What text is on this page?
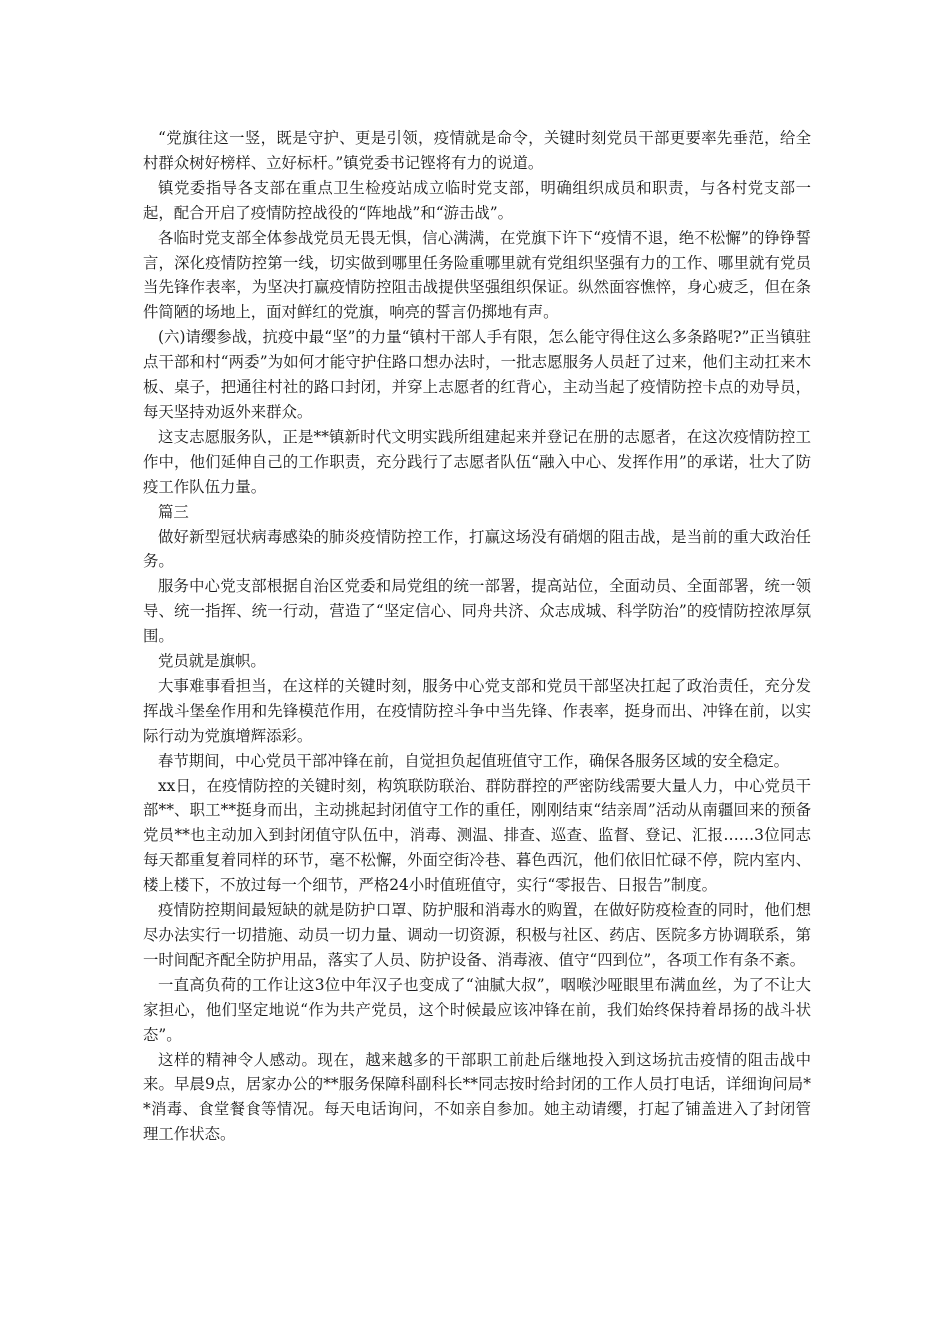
“党旗往这一竖，既是守护、更是引领，疫情就是命令，关键时刻党员干部更要率先垂范，给全村群众树好榜样、立好标杆。”镇党委书记铿将有力的说道。

镇党委指导各支部在重点卫生检疫站成立临时党支部，明确组织成员和职责，与各村党支部一起，配合开启了疫情防控战役的“阵地战”和“游击战”。

各临时党支部全体参战党员无畏无惧，信心满满，在党旗下许下“疫情不退，绝不松懈”的铮铮誓言，深化疫情防控第一线，切实做到哪里任务险重哪里就有党组织坚强有力的工作、哪里就有党员当先锋作表率，为坚决打赢疫情防控阻击战提供坚强组织保证。纵然面容憔悴，身心疲乏，但在条件简陋的场地上，面对鲜红的党旗，响亮的誓言仍掷地有声。

(六)请缨参战，抗疫中最“坚”的力量“镇村干部人手有限，怎么能守得住这么多条路呢?”正当镇驻点干部和村“两委”为如何才能守护住路口想办法时，一批志愿服务人员赶了过来，他们主动扛来木板、桌子，把通往村社的路口封闭，并穿上志愿者的红背心，主动当起了疫情防控卡点的劝导员，每天坚持劝返外来群众。

这支志愿服务队，正是**镇新时代文明实践所组建起来并登记在册的志愿者，在这次疫情防控工作中，他们延伸自己的工作职责，充分践行了志愿者队伍“融入中心、发挥作用”的承诺，壮大了防疫工作队伍力量。

篇三

做好新型冠状病毒感染的肺炎疫情防控工作，打赢这场没有硝烟的阻击战，是当前的重大政治任务。

服务中心党支部根据自治区党委和局党组的统一部署，提高站位，全面动员、全面部署，统一领导、统一指挥、统一行动，营造了“坚定信心、同舟共济、众志成城、科学防治”的疫情防控浓厚氛围。

党员就是旗帜。

大事难事看担当，在这样的关键时刻，服务中心党支部和党员干部坚决扛起了政治责任，充分发挥战斗堡垒作用和先锋模范作用，在疫情防控斗争中当先锋、作表率，挺身而出、冲锋在前，以实际行动为党旗增辉添彩。

春节期间，中心党员干部冲锋在前，自觉担负起值班值守工作，确保各服务区域的安全稳定。

xx日，在疫情防控的关键时刻，构筑联防联治、群防群控的严密防线需要大量人力，中心党员干部**、职工**挺身而出，主动挑起封闭值守工作的重任，刚刚结束“结亲周”活动从南疆回来的预备党员**也主动加入到封闭值守队伍中，消毒、测温、排查、巡查、监督、登记、汇报……3位同志每天都重复着同样的环节，毫不松懈，外面空街冷巷、暮色西沉，他们依旧忙碌不停，院内室内、楼上楼下，不放过每一个细节，严格24小时值班值守，实行“零报告、日报告”制度。

疫情防控期间最短缺的就是防护口罩、防护服和消毒水的购置，在做好防疫检查的同时，他们想尽办法实行一切措施、动员一切力量、调动一切资源，积极与社区、药店、医院多方协调联系，第一时间配齐配全防护用品，落实了人员、防护设备、消毒液、值守“四到位”，各项工作有条不紊。

一直高负荷的工作让这3位中年汉子也变成了“油腻大叔”，咽喉沙哑眼里布满血丝，为了不让大家担心，他们坚定地说“作为共产党员，这个时候最应该冲锋在前，我们始终保持着昂扬的战斗状态”。

这样的精神令人感动。现在，越来越多的干部职工前赴后继地投入到这场抗击疫情的阻击战中来。早晨9点，居家办公的**服务保障科副科长**同志按时给封闭的工作人员打电话，详细询问局**消毒、食堂餐食等情况。每天电话询问，不如亲自参加。她主动请缨，打起了铺盖进入了封闭管理工作状态。
